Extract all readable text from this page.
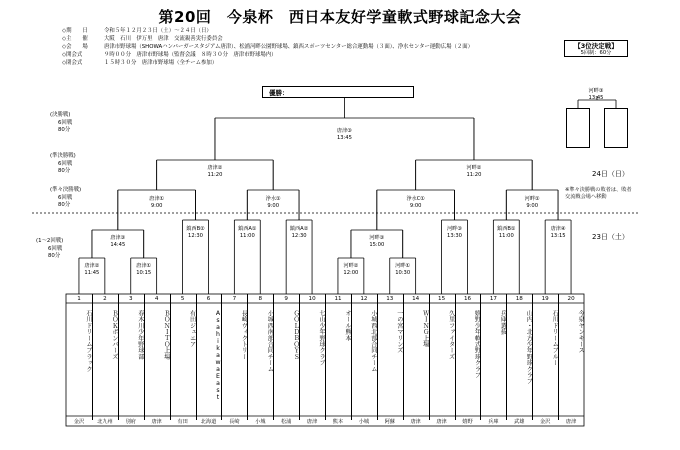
第20回　今泉杯　西日本友好学童軟式野球記念大会
◇期　　日	令和５年１２月２３日（土）～２４日（日）
◇主　　催	大阪　石川　伊万里　唐津　交流親善実行委員会
◇会　　場	唐津市野球場（SHOWAハンバーガースタジアム唐津）、松浦河畔公園野球場、鎮西スポーツセンター総合運動場（３面）、浄水センター運動広場（２面）
◇開会式	９時００分　唐津市野球場（監督会議　８時３０分　唐津市野球場内）
◇閉会式	１５時３０分　唐津市野球場（全チーム参加）
優勝：
【3位決定戦】
5回制：60分
河畔③
13:45
(決勝戦)
6回戦
80分
(準決勝戦)
6回戦
80分
(準々決勝戦)
6回戦
80分
(1～2回戦)
6回戦
80分
24日（日）
23日（土）
※準々決勝戦の敗者は、敗者
交流戦会場へ移動
唐津③
13:45
唐津②
11:20
河畔②
11:20
唐津①
9:00
浄水①
9:00
浄水C①
9:00
河畔①
9:00
唐津③
14:45
唐津②
11:45
唐津①
10:15
鎮西B②
12:30
鎮西A①
11:00
鎮西A②
12:30	河畔③
15:00
河畔②
12:00
河畔①
10:30
河畔③
13:30
鎮西B①
11:00
唐津④
13:15
1
石川ドリームブラック
金沢
2
ＢＯＫボンバーズ
北九州
3
春木川少年野球部
別府
4
ＢＯＮＩＴＯ上場
唐津
5
有田ジュニア
有田
6
AsahikawaEast
北海道
7
長崎ヴィクトリー
長崎
8
小城西南部合同チーム
小城
9
ＧＯＬＤＢＯＹＳ
松浦
10
七山少年野球クラブ
唐津
11
オール熊本
熊本
12
小城西北部合同チーム
小城
13
一の宮マリンズ
阿蘇
14
ＷＩＮＧ上場
唐津
15
久里ファイターズ
唐津
16
嬉野少年軟式野球クラブ
嬉野
17
兵庫選抜
兵庫
18
山内・北方少年野球クラブ
武雄
19
石川ドリームブルー
金沢
20
今泉ヤンキース
唐津
